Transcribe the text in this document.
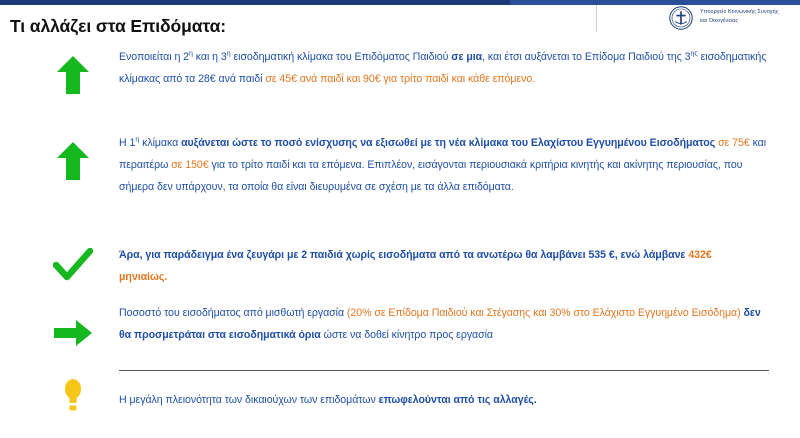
Υπουργείο Κοινωνικής Συνοχής
και Οικογένειας
Τι αλλάζει στα Επιδόματα:
Ενοποιείται η $2^\eta$ και η $3^\eta$ εισοδηματική κλίμακα του Επιδόματος Παιδιού σε μια, και έτσι αυξάνεται το Επίδομα Παιδιού της $3^{\eta\varsigma}$ εισοδηματικής κλίμακας από τα 28€ ανά παιδί σε 45€ ανά παιδί και 90€ για τρίτο παιδί και κάθε επόμενο.
Η $1^\eta$ κλίμακα αυξάνεται ώστε το ποσό ενίσχυσης να εξισωθεί με τη νέα κλίμακα του Ελαχίστου Εγγυημένου Εισοδήματος σε 75€ και περαιτέρω σε 150€ για το τρίτο παιδί και τα επόμενα. Επιπλέον, εισάγονται περιουσιακά κριτήρια κινητής και ακίνητης περιουσίας, που σήμερα δεν υπάρχουν, τα οποία θα είναι διευρυμένα σε σχέση με τα άλλα επιδόματα.
Άρα, για παράδειγμα ένα ζευγάρι με 2 παιδιά χωρίς εισοδήματα από τα ανωτέρω θα λαμβάνει 535 €, ενώ λάμβανε 432€ μηνιαίως.
Ποσοστό του εισοδήματος από μισθωτή εργασία (20% σε Επίδομα Παιδιού και Στέγασης και 30% στο Ελάχιστο Εγγυημένο Εισόδημα) δεν θα προσμετράται στα εισοδηματικά όρια ώστε να δοθεί κίνητρο προς εργασία
Η μεγάλη πλειονότητα των δικαιούχων των επιδομάτων επωφελούνται από τις αλλαγές.
